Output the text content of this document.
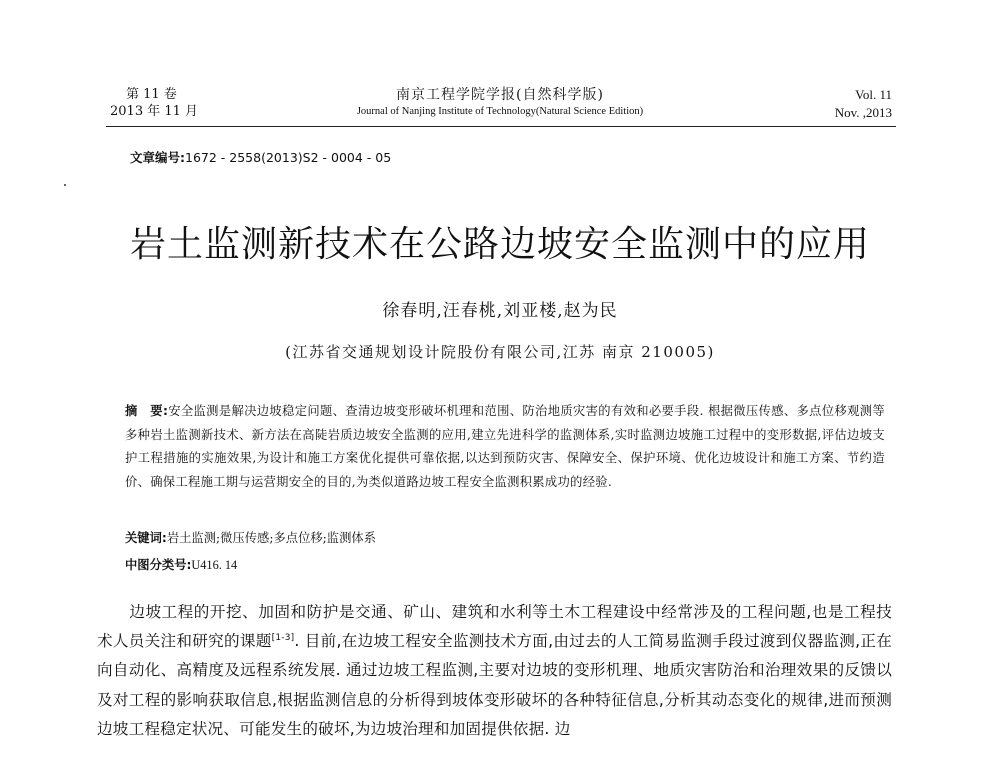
第 11 卷
2013 年 11 月
南京工程学院学报(自然科学版)
Journal of Nanjing Institute of Technology(Natural Science Edition)
Vol. 11
Nov. ,2013
文章编号:1672 - 2558(2013)S2 - 0004 - 05
岩土监测新技术在公路边坡安全监测中的应用
徐春明,汪春桃,刘亚楼,赵为民
(江苏省交通规划设计院股份有限公司,江苏 南京 210005)
摘　要:安全监测是解决边坡稳定问题、查清边坡变形破坏机理和范围、防治地质灾害的有效和必要手段. 根据微压传感、多点位移观测等多种岩土监测新技术、新方法在高陡岩质边坡安全监测的应用,建立先进科学的监测体系,实时监测边坡施工过程中的变形数据,评估边坡支护工程措施的实施效果,为设计和施工方案优化提供可靠依据,以达到预防灾害、保障安全、保护环境、优化边坡设计和施工方案、节约造价、确保工程施工期与运营期安全的目的,为类似道路边坡工程安全监测积累成功的经验.
关键词:岩土监测;微压传感;多点位移;监测体系
中图分类号:U416. 14
边坡工程的开挖、加固和防护是交通、矿山、建筑和水利等土木工程建设中经常涉及的工程问题,也是工程技术人员关注和研究的课题[1-3]. 目前,在边坡工程安全监测技术方面,由过去的人工简易监测手段过渡到仪器监测,正在向自动化、高精度及远程系统发展. 通过边坡工程监测,主要对边坡的变形机理、地质灾害防治和治理效果的反馈以及对工程的影响获取信息,根据监测信息的分析得到坡体变形破坏的各种特征信息,分析其动态变化的规律,进而预测边坡工程稳定状况、可能发生的破坏,为边坡治理和加固提供依据. 边
